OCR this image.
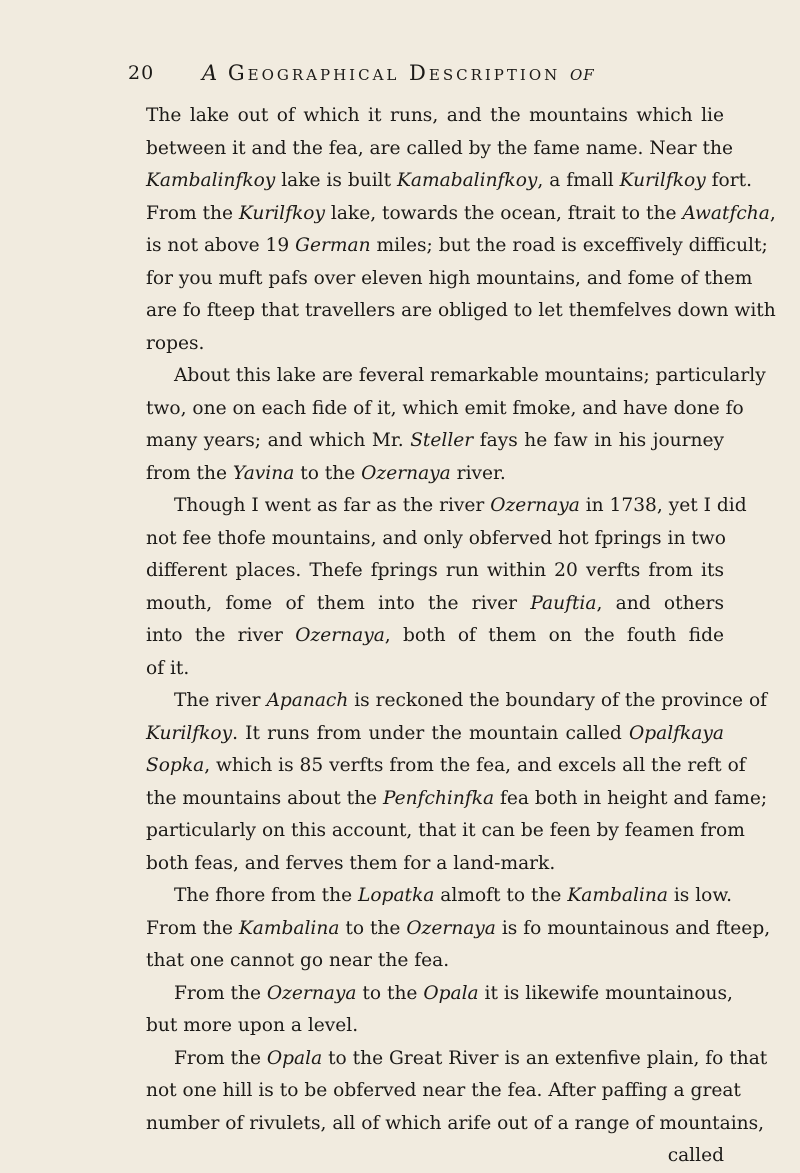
20 A Geographical Description of
The lake out of which it runs, and the mountains which lie
between it and the fea, are called by the fame name. Near the
Kambalinfkoy lake is built Kamabalinfkoy, a fmall Kurilfkoy fort.
From the Kurilfkoy lake, towards the ocean, ftrait to the Awatfcha,
is not above 19 German miles; but the road is exceffively difficult;
for you muft pafs over eleven high mountains, and fome of them
are fo fteep that travellers are obliged to let themfelves down with
ropes.
About this lake are feveral remarkable mountains; particularly
two, one on each fide of it, which emit fmoke, and have done fo
many years; and which Mr. Steller fays he faw in his journey
from the Yavina to the Ozernaya river.
Though I went as far as the river Ozernaya in 1738, yet I did
not fee thofe mountains, and only obferved hot fprings in two
different places. Thefe fprings run within 20 verfts from its
mouth, fome of them into the river Pauftia, and others
into the river Ozernaya, both of them on the fouth fide
of it.
The river Apanach is reckoned the boundary of the province of
Kurilfkoy. It runs from under the mountain called Opalfkaya
Sopka, which is 85 verfts from the fea, and excels all the reft of
the mountains about the Penfchinfka fea both in height and fame;
particularly on this account, that it can be feen by feamen from
both feas, and ferves them for a land-mark.
The fhore from the Lopatka almoft to the Kambalina is low.
From the Kambalina to the Ozernaya is fo mountainous and fteep,
that one cannot go near the fea.
From the Ozernaya to the Opala it is likewife mountainous,
but more upon a level.
From the Opala to the Great River is an extenfive plain, fo that
not one hill is to be obferved near the fea. After paffing a great
number of rivulets, all of which arife out of a range of mountains,
called
